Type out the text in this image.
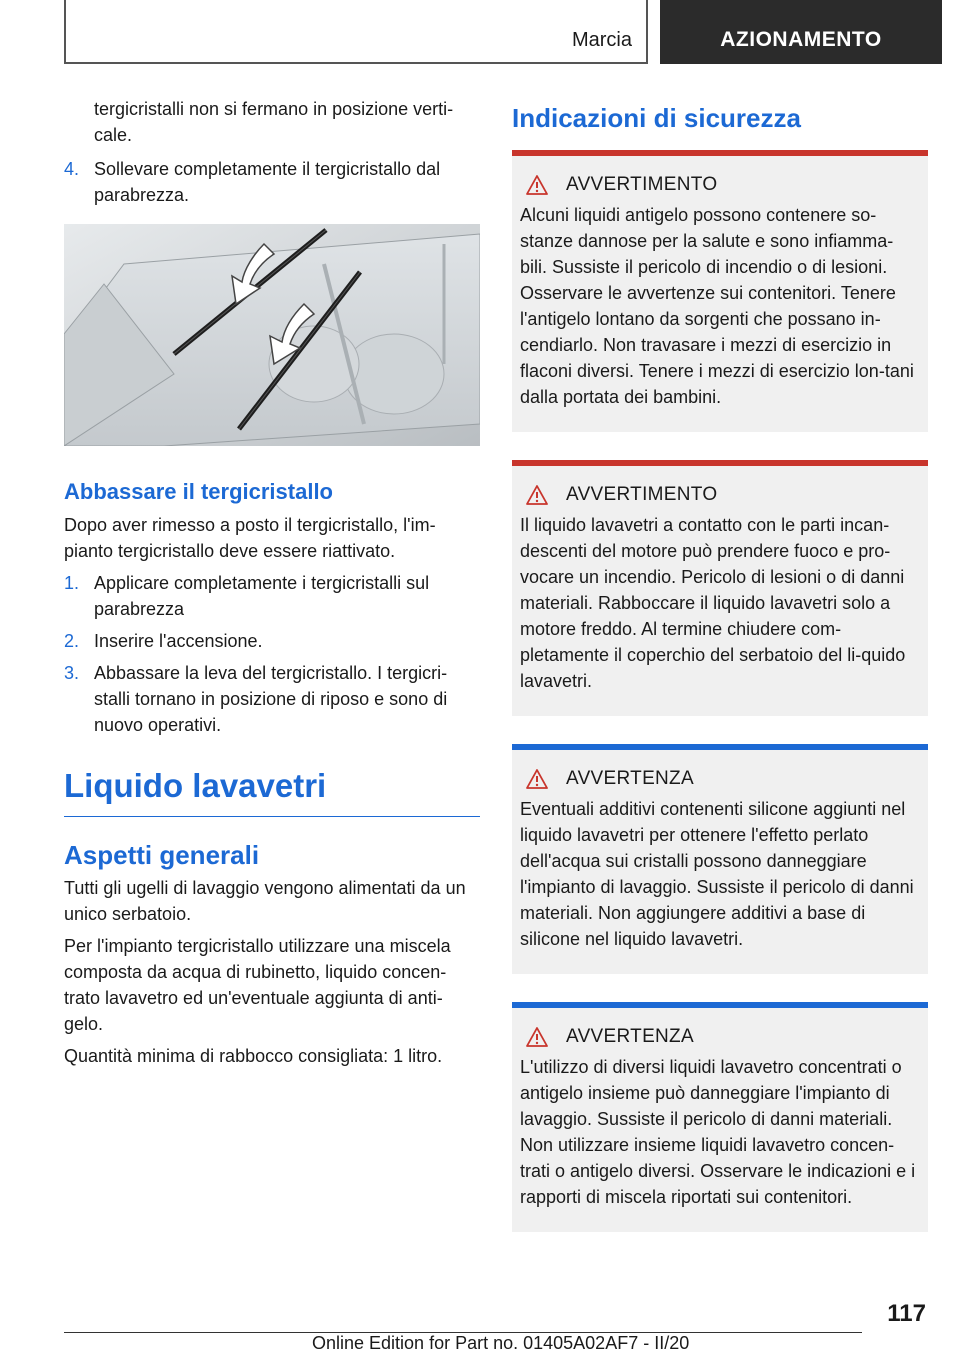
Marcia	AZIONAMENTO
tergicristalli non si fermano in posizione verti-cale.
4. Sollevare completamente il tergicristallo dal parabrezza.
Abbassare il tergicristallo
Dopo aver rimesso a posto il tergicristallo, l'im-pianto tergicristallo deve essere riattivato.
1. Applicare completamente i tergicristalli sul parabrezza
2. Inserire l'accensione.
3. Abbassare la leva del tergicristallo. I tergicri-stalli tornano in posizione di riposo e sono di nuovo operativi.
Liquido lavavetri
Aspetti generali
Tutti gli ugelli di lavaggio vengono alimentati da un unico serbatoio.
Per l'impianto tergicristallo utilizzare una miscela composta da acqua di rubinetto, liquido concen-trato lavavetro ed un'eventuale aggiunta di anti-gelo.
Quantità minima di rabbocco consigliata: 1 litro.
Indicazioni di sicurezza
AVVERTIMENTO
Alcuni liquidi antigelo possono contenere so-stanze dannose per la salute e sono infiamma-bili. Sussiste il pericolo di incendio o di lesioni. Osservare le avvertenze sui contenitori. Tenere l'antigelo lontano da sorgenti che possano in-cendiarlo. Non travasare i mezzi di esercizio in flaconi diversi. Tenere i mezzi di esercizio lon-tani dalla portata dei bambini.
AVVERTIMENTO
Il liquido lavavetri a contatto con le parti incan-descenti del motore può prendere fuoco e pro-vocare un incendio. Pericolo di lesioni o di danni materiali. Rabboccare il liquido lavavetri solo a motore freddo. Al termine chiudere com-pletamente il coperchio del serbatoio del li-quido lavavetri.
AVVERTENZA
Eventuali additivi contenenti silicone aggiunti nel liquido lavavetri per ottenere l'effetto perlato dell'acqua sui cristalli possono danneggiare l'impianto di lavaggio. Sussiste il pericolo di danni materiali. Non aggiungere additivi a base di silicone nel liquido lavavetri.
AVVERTENZA
L'utilizzo di diversi liquidi lavavetro concentrati o antigelo insieme può danneggiare l'impianto di lavaggio. Sussiste il pericolo di danni materiali. Non utilizzare insieme liquidi lavavetro concen-trati o antigelo diversi. Osservare le indicazioni e i rapporti di miscela riportati sui contenitori.
117
Online Edition for Part no. 01405A02AF7 - II/20
